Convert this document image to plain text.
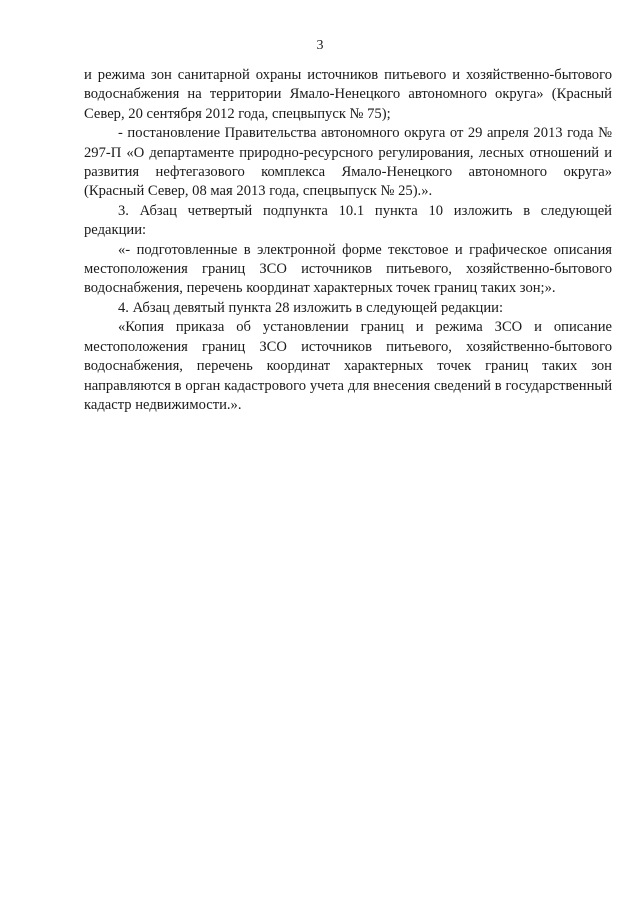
3

и режима зон санитарной охраны источников питьевого и хозяйственно-бытового водоснабжения на территории Ямало-Ненецкого автономного округа» (Красный Север, 20 сентября 2012 года, спецвыпуск № 75);

- постановление Правительства автономного округа от 29 апреля 2013 года № 297-П «О департаменте природно-ресурсного регулирования, лесных отношений и развития нефтегазового комплекса Ямало-Ненецкого автономного округа» (Красный Север, 08 мая 2013 года, спецвыпуск № 25).».

3. Абзац четвертый подпункта 10.1 пункта 10 изложить в следующей редакции:

«- подготовленные в электронной форме текстовое и графическое описания местоположения границ ЗСО источников питьевого, хозяйственно-бытового водоснабжения, перечень координат характерных точек границ таких зон;».

4. Абзац девятый пункта 28 изложить в следующей редакции:

«Копия приказа об установлении границ и режима ЗСО и описание местоположения границ ЗСО источников питьевого, хозяйственно-бытового водоснабжения, перечень координат характерных точек границ таких зон направляются в орган кадастрового учета для внесения сведений в государственный кадастр недвижимости.».
